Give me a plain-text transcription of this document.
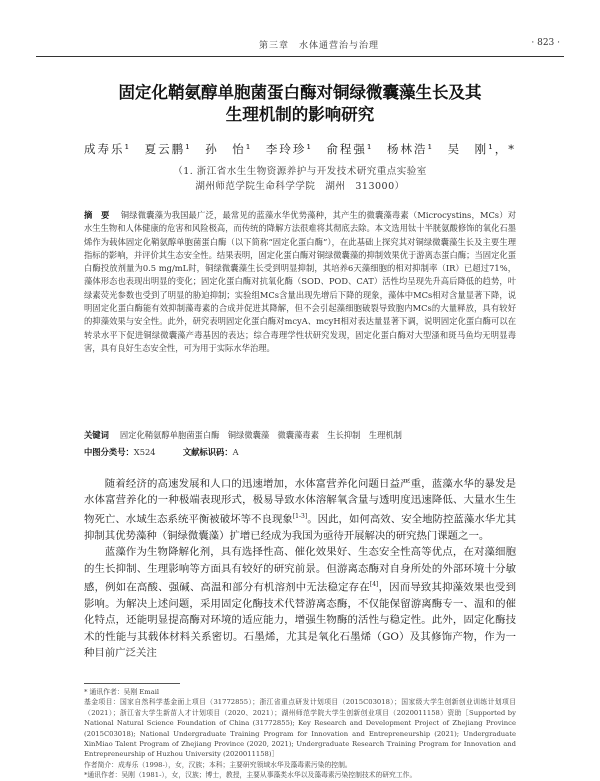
第三章　水体通营治与治理	· 823 ·
固定化鞘氨醇单胞菌蛋白酶对铜绿微囊藻生长及其
生理机制的影响研究
成寿乐¹　夏云鹏¹　孙　怡¹　李玲珍¹　俞程强¹　杨林浩¹　吴　刚¹，*
（1. 浙江省水生生物资源养护与开发技术研究重点实验室
湖州师范学院生命科学学院　湖州　313000）
摘　要 　 铜绿微囊藻为我国最广泛，最常见的蓝藻水华优势藻种，其产生的微囊藻毒素（Microcystins，MCs）对水生生物和人体健康的危害和风险极高，而传统的降解方法很难将其彻底去除。本文选用钛十半胱氨酸修饰的氧化石墨烯作为载体固定化鞘氨醇单胞菌蛋白酶（以下简称“固定化蛋白酶”），在此基础上探究其对铜绿微囊藻生长及主要生理指标的影响，并评价其生态安全性。结果表明，固定化蛋白酶对铜绿微囊藻的抑制效果优于游离态蛋白酶；当固定化蛋白酶投放剂量为0.5 mg/mL时，铜绿微囊藻生长受到明显抑制，其培养6天藻细胞的相对抑制率（IR）已超过71%，藻体形态也表现出明显的变化；固定化蛋白酶对抗氧化酶（SOD、POD、CAT）活性均呈现先升高后降低的趋势，叶绿素荧光参数也受到了明显的胁迫抑制；实验组MCs含量出现先增后下降的现象，藻体中MCs相对含量显著下降，说明固定化蛋白酶能有效抑制藻毒素的合成并促进其降解，但不会引起藻细胞破裂导致胞内MCs的大量释放，具有较好的抑藻效果与安全性。此外，研究表明固定化蛋白酶对mcyA、mcyH相对表达量显著下调，说明固定化蛋白酶可以在转录水平下促进铜绿微囊藻产毒基因的表达；综合毒理学性状研究发现，固定化蛋白酶对大型溞和斑马鱼均无明显毒害，具有良好生态安全性，可为用于实际水华治理。
关键词 　 固定化鞘氨醇单胞菌蛋白酶　铜绿微囊藻　微囊藻毒素　生长抑制　生理机制
中图分类号：X524	文献标识码：A

随着经济的高速发展和人口的迅速增加，水体富营养化问题日益严重，蓝藻水华的暴发是水体富营养化的一种极端表现形式，极易导致水体溶解氧含量与透明度迅速降低、大量水生生物死亡、水域生态系统平衡被破坏等不良现象[1-3]。因此，如何高效、安全地防控蓝藻水华尤其抑制其优势藻种（铜绿微囊藻）扩增已经成为我国为亟待开展解决的研究热门课题之一。

蓝藻作为生物降解化剂，具有选择性高、催化效果好、生态安全性高等优点，在对藻细胞的生长抑制、生理影响等方面具有较好的研究前景。但游离态酶对自身所处的外部环境十分敏感，例如在高酸、强碱、高温和部分有机溶剂中无法稳定存在[4]，因而导致其抑藻效果也受到影响。为解决上述问题，采用固定化酶技术代替游离态酶，不仅能保留游离酶专一、温和的催化特点，还能明显提高酶对环境的适应能力，增强生物酶的活性与稳定性。此外，固定化酶技术的性能与其载体材料关系密切。石墨烯，尤其是氧化石墨烯（GO）及其修饰产物，作为一种目前广泛关注

* 通讯作者：吴刚 Email
基金项目：国家自然科学基金面上项目（31772855）；浙江省重点研发计划项目（2015C03018）；国家级大学生创新创业训练计划项目（2021）；浙江省大学生新苗人才计划项目（2020、2021）；湖州师范学院大学生创新创业项目（2020011158）资助［Supported by National Natural Science Foundation of China (31772855); Key Research and Development Project of Zhejiang Province (2015C03018); National Undergraduate Training Program for Innovation and Entrepreneurship (2021); Undergraduate XinMiao Talent Program of Zhejiang Province (2020, 2021); Undergraduate Research Training Program for Innovation and Entrepreneurship of Huzhou University (2020011158)］
作者简介：成寿乐（1998-），女，汉族；本科；主要研究领域水华及藻毒素污染的控制。
*通讯作者：吴刚（1981-），女，汉族；博士，教授，主要从事藻类水华以及藻毒素污染控制技术的研究工作。
